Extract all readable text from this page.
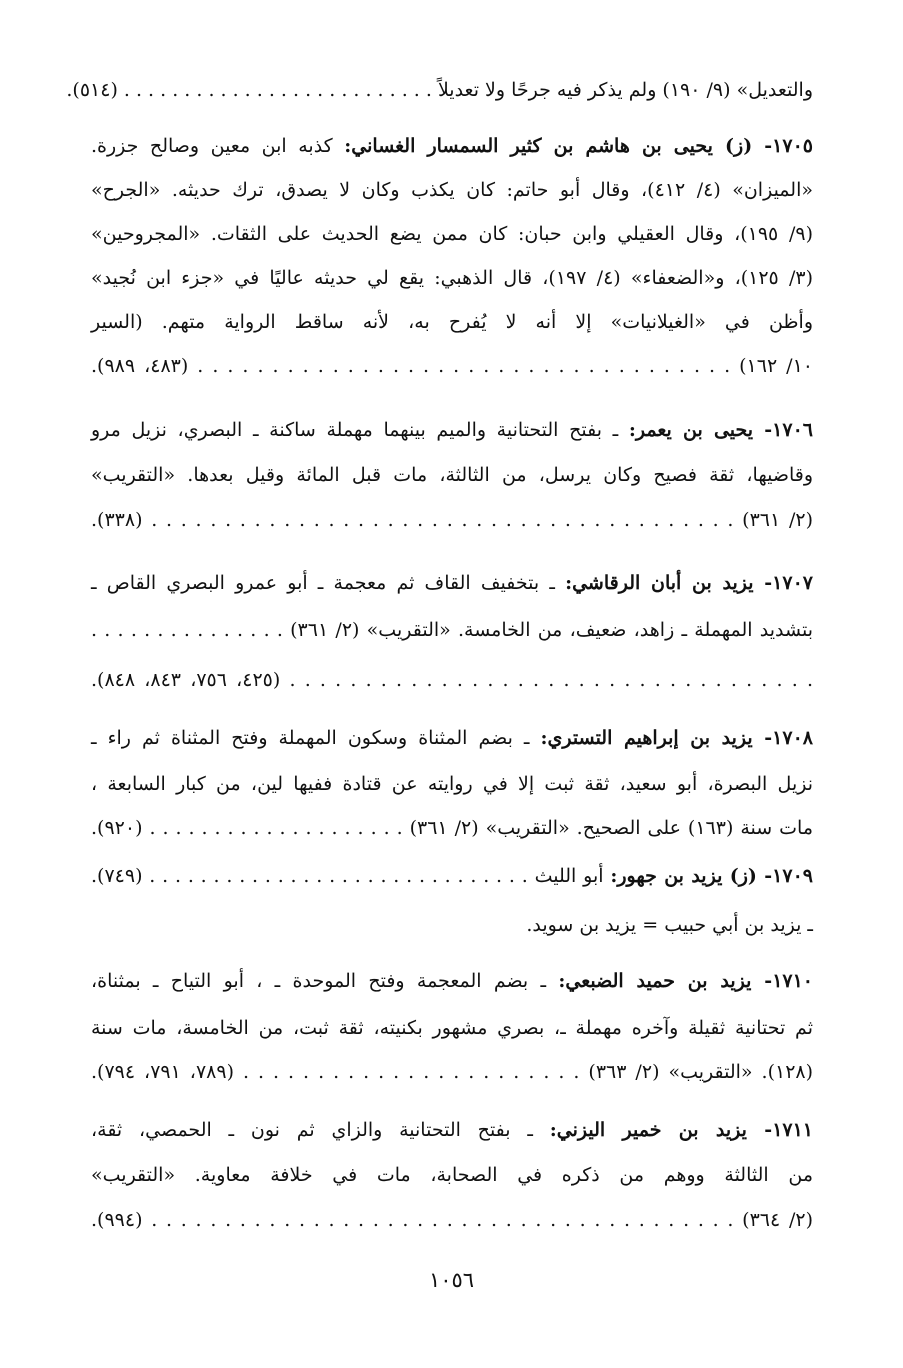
والتعديل» (٩/ ١٩٠) ولم يذكر فيه جرحًا ولا تعديلاً . . . . . . . . . . . . . . . . . . . . . . . . . . (٥١٤).
١٧٠٥- (ز) يحيى بن هاشم بن كثير السمسار الغساني: كذبه ابن معين وصالح جزرة.
«الميزان» (٤/ ٤١٢)، وقال أبو حاتم: كان يكذب وكان لا يصدق، ترك حديثه. «الجرح»
(٩/ ١٩٥)، وقال العقيلي وابن حبان: كان ممن يضع الحديث على الثقات. «المجروحين»
(٣/ ١٢٥)، و«الضعفاء» (٤/ ١٩٧)، قال الذهبي: يقع لي حديثه عاليًا في «جزء ابن نُجيد»
وأظن في «الغيلانيات» إلا أنه لا يُفرح به، لأنه ساقط الرواية متهم. (السير
١٠/ ١٦٢) . . . . . . . . . . . . . . . . . . . . . . . . . . . . . . . . . . . . (٤٨٣، ٩٨٩).
١٧٠٦- يحيى بن يعمر: ـ بفتح التحتانية والميم بينهما مهملة ساكنة ـ البصري، نزيل مرو
وقاضيها، ثقة فصيح وكان يرسل، من الثالثة، مات قبل المائة وقيل بعدها. «التقريب»
(٢/ ٣٦١) . . . . . . . . . . . . . . . . . . . . . . . . . . . . . . . . . . . . . . . . (٣٣٨).
١٧٠٧- يزيد بن أبان الرقاشي: ـ بتخفيف القاف ثم معجمة ـ أبو عمرو البصري القاص ـ
بتشديد المهملة ـ زاهد، ضعيف، من الخامسة. «التقريب» (٢/ ٣٦١) . . . . . . . . . . . . . . .
. . . . . . . . . . . . . . . . . . . . . . . . . . . . . . . . . . . (٤٢٥، ٧٥٦، ٨٤٣، ٨٤٨).
١٧٠٨- يزيد بن إبراهيم التستري: ـ بضم المثناة وسكون المهملة وفتح المثناة ثم راء ـ
نزيل البصرة، أبو سعيد، ثقة ثبت إلا في روايته عن قتادة ففيها لين، من كبار السابعة ،
مات سنة (١٦٣) على الصحيح. «التقريب» (٢/ ٣٦١) . . . . . . . . . . . . . . . . . . . . (٩٢٠).
١٧٠٩- (ز) يزيد بن جهور: أبو الليث . . . . . . . . . . . . . . . . . . . . . . . . . . . . . . (٧٤٩).
ـ يزيد بن أبي حبيب = يزيد بن سويد.
١٧١٠- يزيد بن حميد الضبعي: ـ بضم المعجمة وفتح الموحدة ـ ، أبو التياح ـ بمثناة،
ثم تحتانية ثقيلة وآخره مهملة ـ، بصري مشهور بكنيته، ثقة ثبت، من الخامسة، مات سنة
(١٢٨). «التقريب» (٢/ ٣٦٣) . . . . . . . . . . . . . . . . . . . . . . . (٧٨٩، ٧٩١، ٧٩٤).
١٧١١- يزيد بن خمير اليزني: ـ بفتح التحتانية والزاي ثم نون ـ الحمصي، ثقة،
من الثالثة ووهم من ذكره في الصحابة، مات في خلافة معاوية. «التقريب»
(٢/ ٣٦٤) . . . . . . . . . . . . . . . . . . . . . . . . . . . . . . . . . . . . . . . . (٩٩٤).
١٠٥٦
